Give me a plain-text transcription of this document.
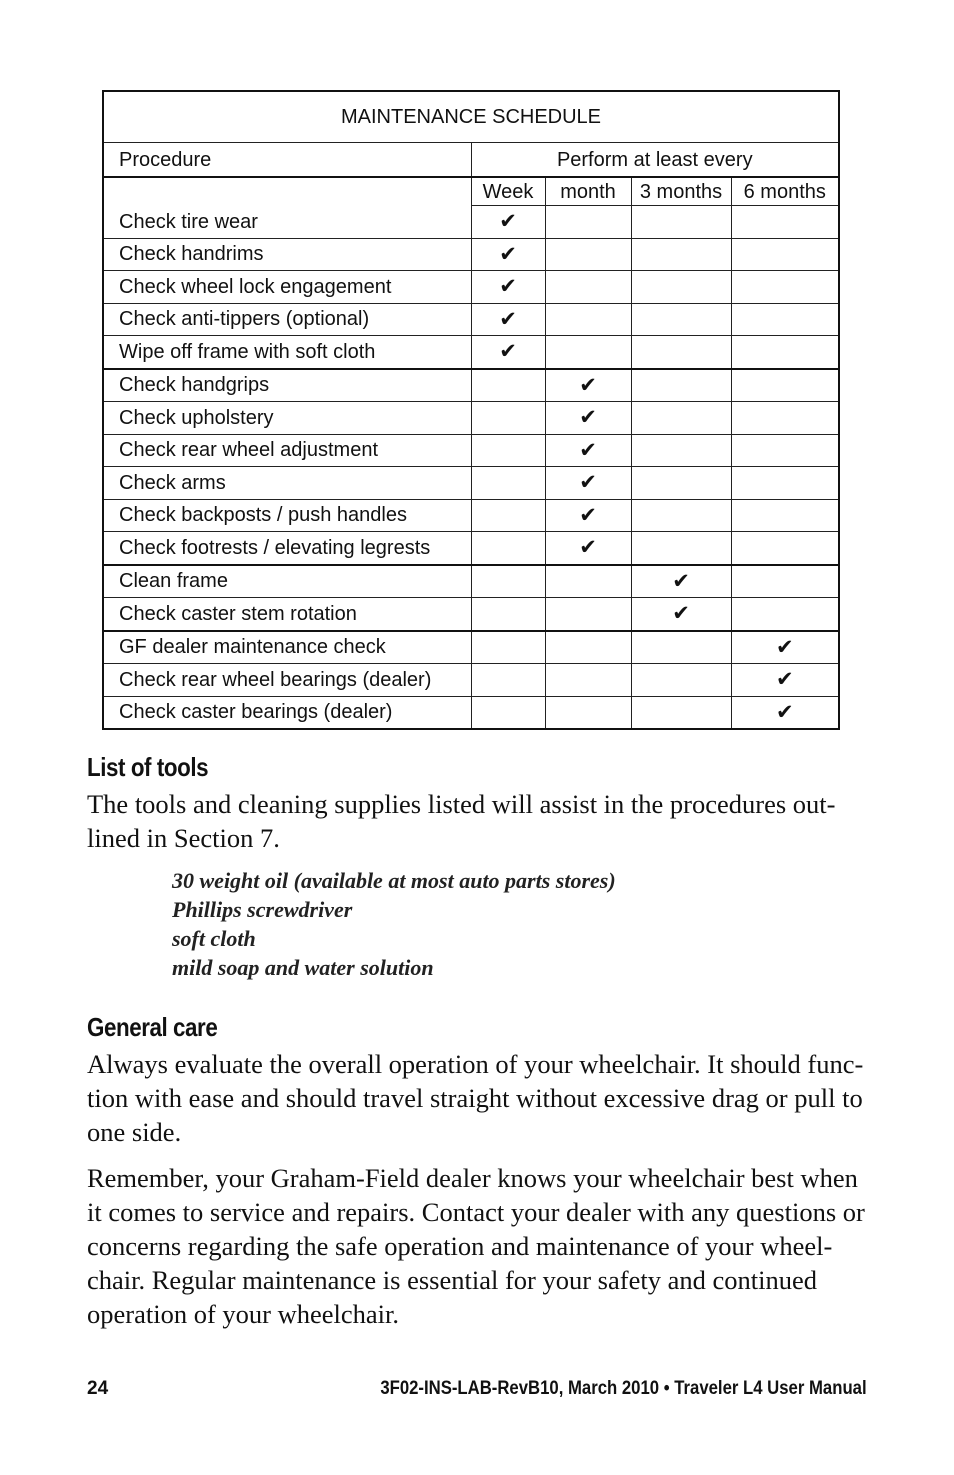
MAINTENANCE SCHEDULE				
Procedure	Perform at least every			
	Week	month	3 months	6 months
Check tire wear	✔			
Check handrims	✔			
Check wheel lock engagement	✔			
Check anti-tippers (optional)	✔			
Wipe off frame with soft cloth	✔			
Check handgrips		✔		
Check upholstery		✔		
Check rear wheel adjustment		✔		
Check arms		✔		
Check backposts / push handles		✔		
Check footrests / elevating legrests		✔		
Clean frame			✔	
Check caster stem rotation			✔	
GF dealer maintenance check				✔
Check rear wheel bearings (dealer)				✔
Check caster bearings (dealer)				✔
List of tools

The tools and cleaning supplies listed will assist in the procedures out-lined in Section 7.

30 weight oil (available at most auto parts stores)
Phillips screwdriver
soft cloth
mild soap and water solution
General care

Always evaluate the overall operation of your wheelchair. It should func-tion with ease and should travel straight without excessive drag or pull to one side.

Remember, your Graham-Field dealer knows your wheelchair best when it comes to service and repairs. Contact your dealer with any questions or concerns regarding the safe operation and maintenance of your wheel-chair. Regular maintenance is essential for your safety and continued operation of your wheelchair.

24	3F02-INS-LAB-RevB10, March 2010 • Traveler L4 User Manual
